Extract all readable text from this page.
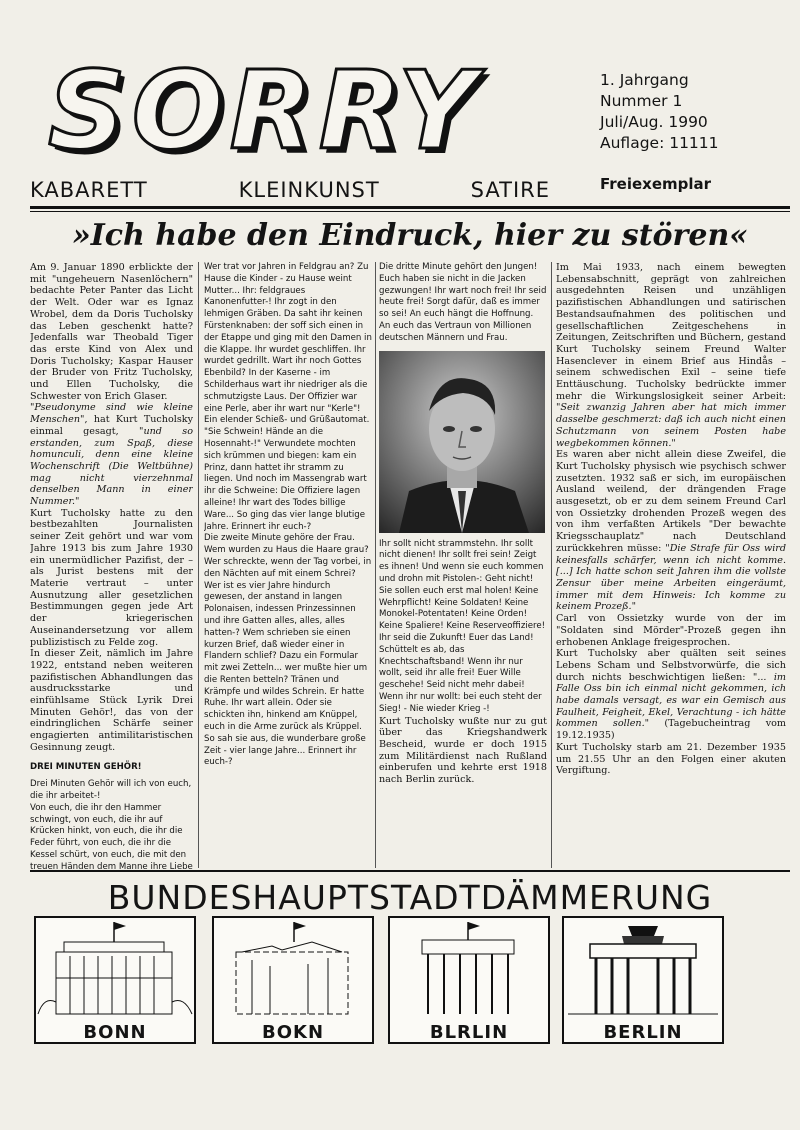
SORRY	1. Jahrgang
Nummer 1
Juli/Aug. 1990
Auflage: 11111
Freiexemplar
KABARETT	KLEINKUNST	SATIRE
»Ich habe den Eindruck, hier zu stören«

Am 9. Januar 1890 erblickte der mit "ungeheuern Nasenlöchern" bedachte Peter Panter das Licht der Welt. Oder war es Ignaz Wrobel, dem da Doris Tucholsky das Leben geschenkt hatte? Jedenfalls war Theobald Tiger das erste Kind von Alex und Doris Tucholsky; Kaspar Hauser der Bruder von Fritz Tucholsky, und Ellen Tucholsky, die Schwester von Erich Glaser.

"Pseudonyme sind wie kleine Menschen", hat Kurt Tucholsky einmal gesagt, "und so erstanden, zum Spaß, diese homunculi, denn eine kleine Wochenschrift (Die Weltbühne) mag nicht vierzehnmal denselben Mann in einer Nummer."

Kurt Tucholsky hatte zu den bestbezahlten Journalisten seiner Zeit gehört und war vom Jahre 1913 bis zum Jahre 1930 ein unermüdlicher Pazifist, der – als Jurist bestens mit der Materie vertraut – unter Ausnutzung aller gesetzlichen Bestimmungen gegen jede Art der kriegerischen Auseinandersetzung vor allem publizistisch zu Felde zog.

In dieser Zeit, nämlich im Jahre 1922, entstand neben weiteren pazifistischen Abhandlungen das ausdrucksstarke und einfühlsame Stück Lyrik Drei Minuten Gehör!, das von der eindringlichen Schärfe seiner engagierten antimilitaristischen Gesinnung zeugt.

DREI MINUTEN GEHÖR!

Drei Minuten Gehör will ich von euch, die ihr arbeitet-!

Von euch, die ihr den Hammer schwingt, von euch, die ihr auf Krücken hinkt, von euch, die ihr die Feder führt, von euch, die ihr die Kessel schürt, von euch, die mit den treuen Händen dem Manne ihre Liebe

Wer trat vor Jahren in Feldgrau an? Zu Hause die Kinder - zu Hause weint Mutter... Ihr: feldgraues Kanonenfutter-! Ihr zogt in den lehmigen Gräben. Da saht ihr keinen Fürstenknaben: der soff sich einen in der Etappe und ging mit den Damen in die Klappe. Ihr wurdet geschliffen. Ihr wurdet gedrillt. Wart ihr noch Gottes Ebenbild? In der Kaserne - im Schilderhaus wart ihr niedriger als die schmutzigste Laus. Der Offizier war eine Perle, aber ihr wart nur "Kerle"! Ein elender Schieß- und Grüßautomat. "Sie Schwein! Hände an die Hosennaht-!" Verwundete mochten sich krümmen und biegen: kam ein Prinz, dann hattet ihr stramm zu liegen. Und noch im Massengrab wart ihr die Schweine: Die Offiziere lagen alleine! Ihr wart des Todes billige Ware... So ging das vier lange blutige Jahre. Erinnert ihr euch-?

Die zweite Minute gehöre der Frau. Wem wurden zu Haus die Haare grau? Wer schreckte, wenn der Tag vorbei, in den Nächten auf mit einem Schrei? Wer ist es vier Jahre hindurch gewesen, der anstand in langen Polonaisen, indessen Prinzessinnen und ihre Gatten alles, alles, alles hatten-? Wem schrieben sie einen kurzen Brief, daß wieder einer in Flandern schlief? Dazu ein Formular mit zwei Zetteln... wer mußte hier um die Renten betteln? Tränen und Krämpfe und wildes Schrein. Er hatte Ruhe. Ihr wart allein. Oder sie schickten ihn, hinkend am Knüppel, euch in die Arme zurück als Krüppel. So sah sie aus, die wunderbare große Zeit - vier lange Jahre... Erinnert ihr euch-?

Die dritte Minute gehört den Jungen! Euch haben sie nicht in die Jacken gezwungen! Ihr wart noch frei! Ihr seid heute frei! Sorgt dafür, daß es immer so sei! An euch hängt die Hoffnung. An euch das Vertraun von Millionen deutschen Männern und Frau.

Ihr sollt nicht strammstehn. Ihr sollt nicht dienen! Ihr sollt frei sein! Zeigt es ihnen! Und wenn sie euch kommen und drohn mit Pistolen-: Geht nicht! Sie sollen euch erst mal holen! Keine Wehrpflicht! Keine Soldaten! Keine Monokel-Potentaten! Keine Orden! Keine Spaliere! Keine Reserveoffiziere! Ihr seid die Zukunft! Euer das Land! Schüttelt es ab, das Knechtschaftsband! Wenn ihr nur wollt, seid ihr alle frei! Euer Wille geschehe! Seid nicht mehr dabei! Wenn ihr nur wollt: bei euch steht der Sieg! - Nie wieder Krieg -!

Kurt Tucholsky wußte nur zu gut über das Kriegshandwerk Bescheid, wurde er doch 1915 zum Militärdienst nach Rußland einberufen und kehrte erst 1918 nach Berlin zurück.

Im Mai 1933, nach einem bewegten Lebensabschnitt, geprägt von zahlreichen ausgedehnten Reisen und unzähligen pazifistischen Abhandlungen und satirischen Bestandsaufnahmen des politischen und gesellschaftlichen Zeitgeschehens in Zeitungen, Zeitschriften und Büchern, gestand Kurt Tucholsky seinem Freund Walter Hasenclever in einem Brief aus Hindås – seinem schwedischen Exil – seine tiefe Enttäuschung. Tucholsky bedrückte immer mehr die Wirkungslosigkeit seiner Arbeit: "Seit zwanzig Jahren aber hat mich immer dasselbe geschmerzt: daß ich auch nicht einen Schutzmann von seinem Posten habe wegbekommen können."

Es waren aber nicht allein diese Zweifel, die Kurt Tucholsky physisch wie psychisch schwer zusetzten. 1932 saß er sich, im europäischen Ausland weilend, der drängenden Frage ausgesetzt, ob er zu dem seinem Freund Carl von Ossietzky drohenden Prozeß wegen des von ihm verfaßten Artikels "Der bewachte Kriegsschauplatz" nach Deutschland zurückkehren müsse: "Die Strafe für Oss wird keinesfalls schärfer, wenn ich nicht komme. [...] Ich hatte schon seit Jahren ihm die vollste Zensur über meine Arbeiten eingeräumt, immer mit dem Hinweis: Ich komme zu keinem Prozeß."

Carl von Ossietzky wurde von der im "Soldaten sind Mörder"-Prozeß gegen ihn erhobenen Anklage freigesprochen.

Kurt Tucholsky aber quälten seit seines Lebens Scham und Selbstvorwürfe, die sich durch nichts beschwichtigen ließen: "... im Falle Oss bin ich einmal nicht gekommen, ich habe damals versagt, es war ein Gemisch aus Faulheit, Feigheit, Ekel, Verachtung - ich hätte kommen sollen." (Tagebucheintrag vom 19.12.1935)

Kurt Tucholsky starb am 21. Dezember 1935 um 21.55 Uhr an den Folgen einer akuten Vergiftung.

BUNDESHAUPTSTADTDÄMMERUNG
BONN	BOKN	BLRLIN	BERLIN
